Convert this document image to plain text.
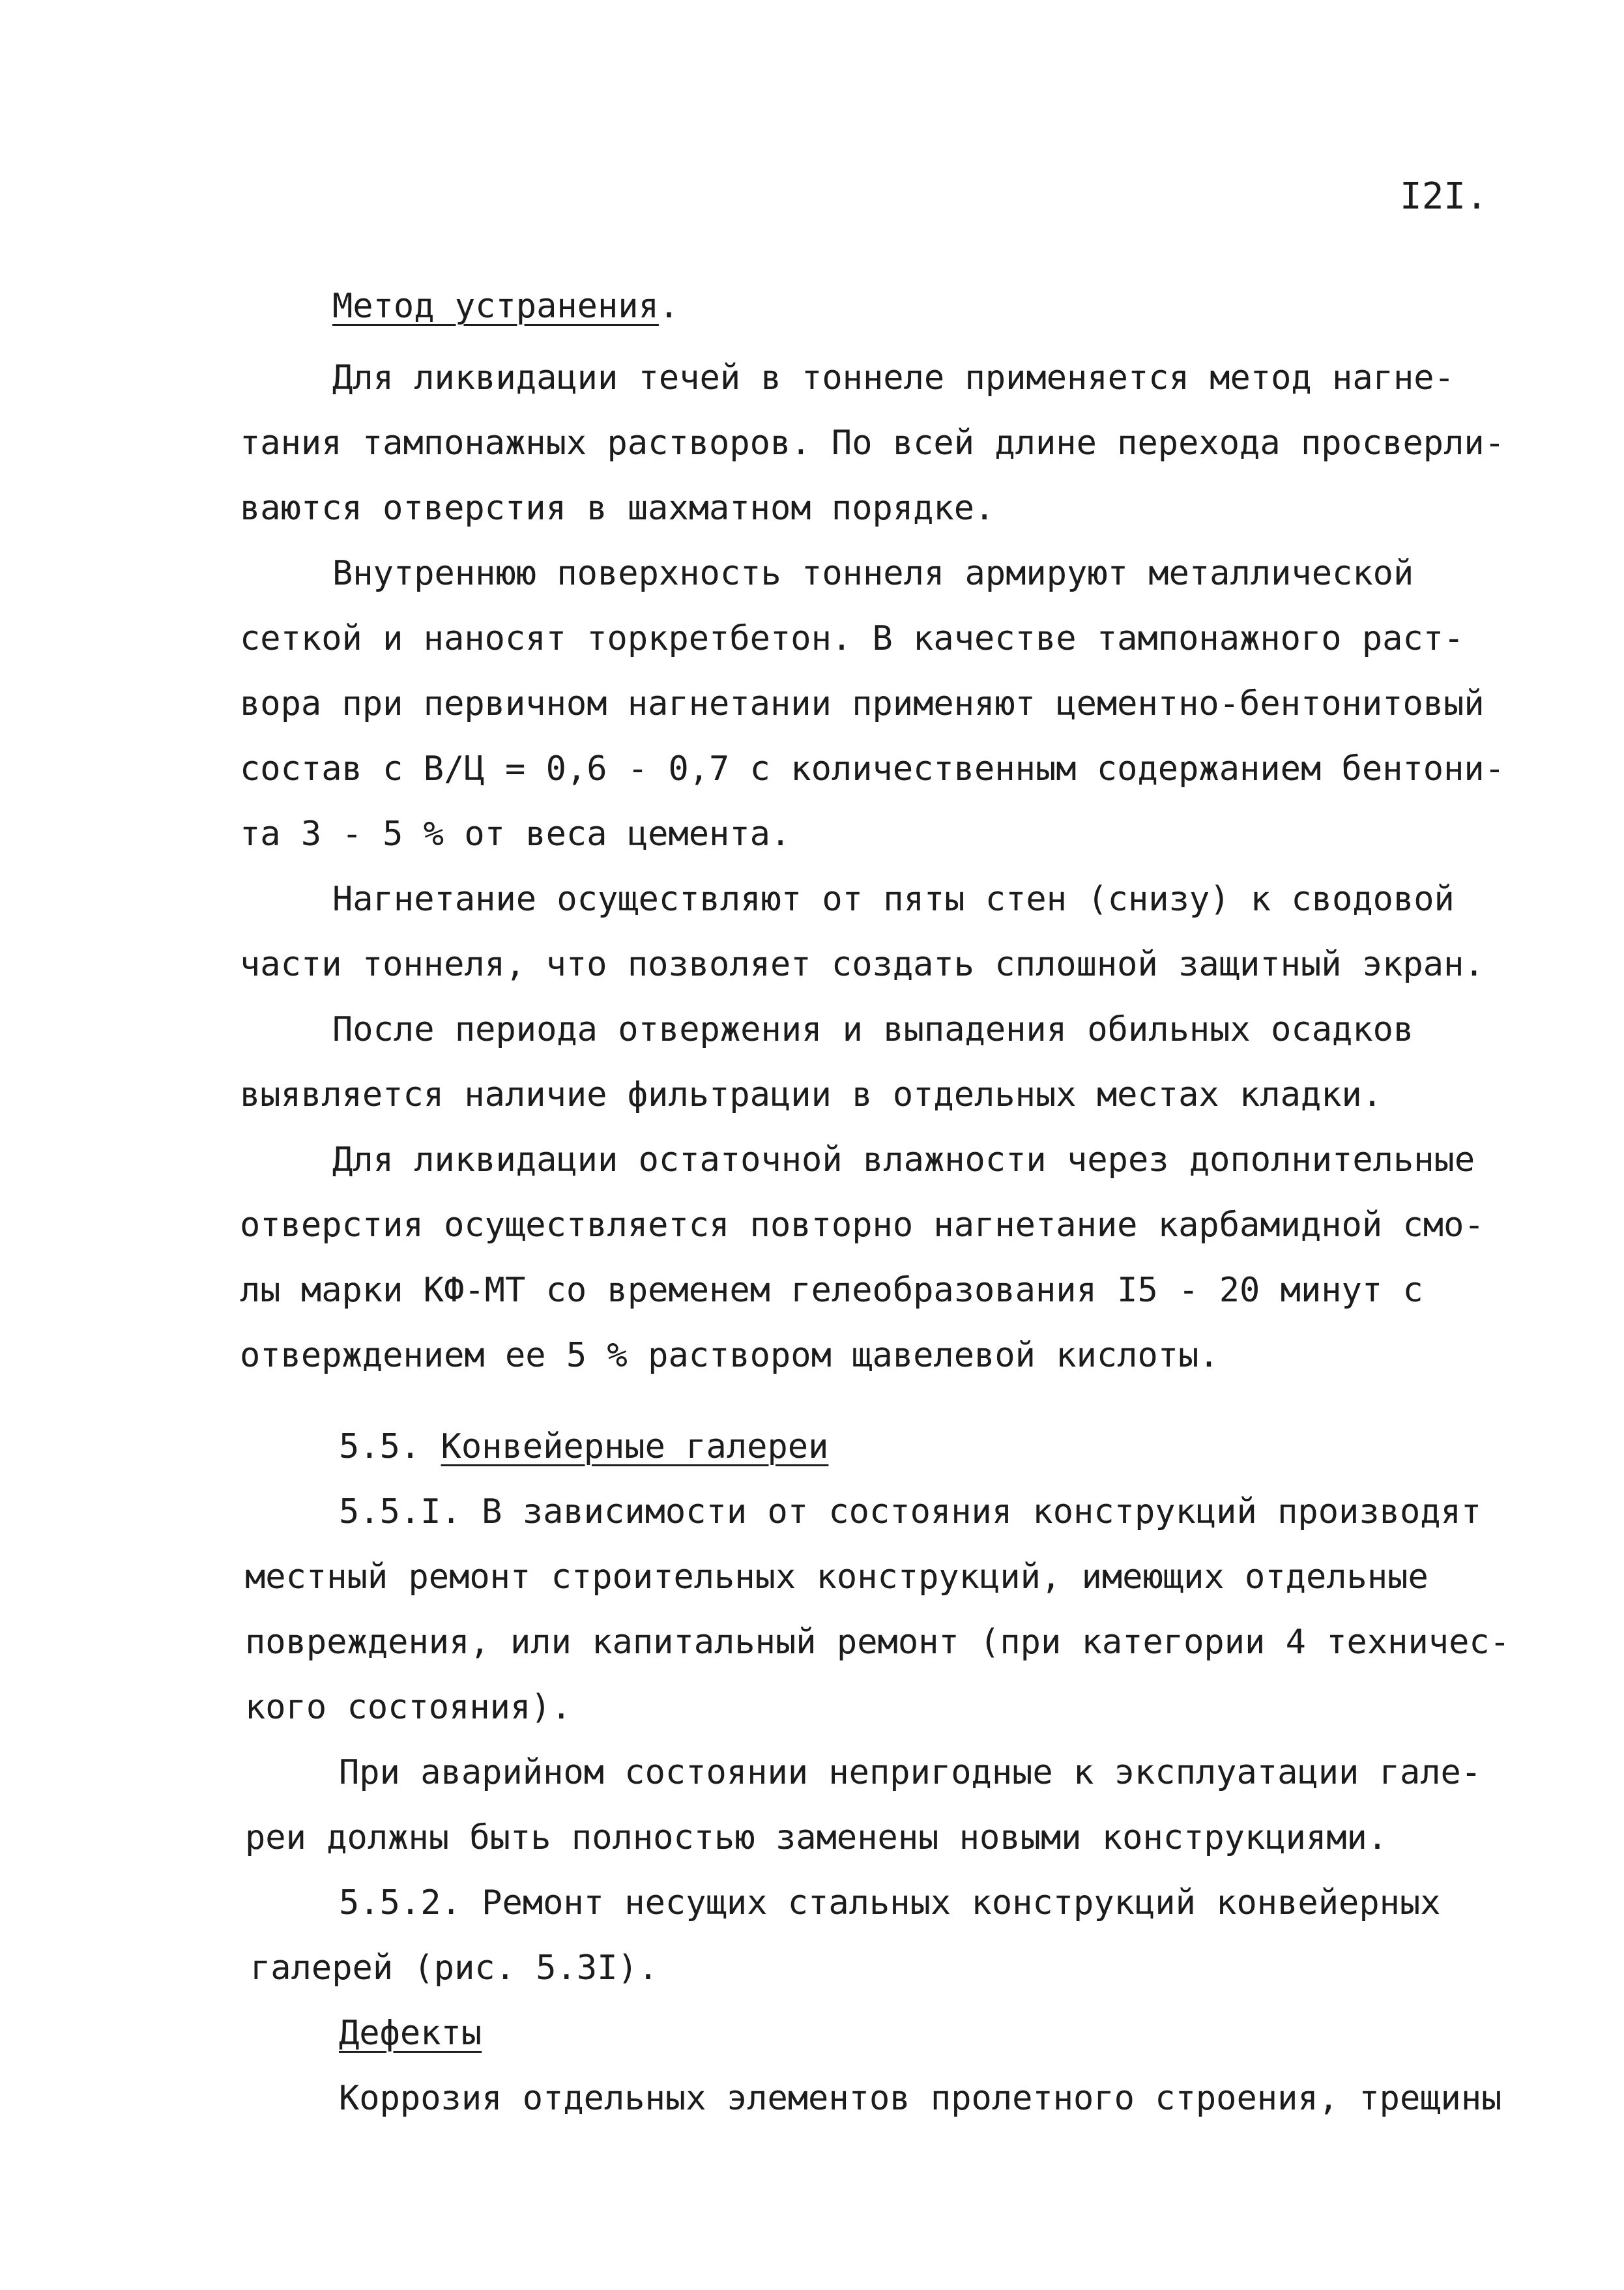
I2I.
Метод устранения.
Для ликвидации течей в тоннеле применяется метод нагне-
тания тампонажных растворов. По всей длине перехода просверли-
ваются отверстия в шахматном порядке.
Внутреннюю поверхность тоннеля армируют металлической
сеткой и наносят торкретбетон. В качестве тампонажного раст-
вора при первичном нагнетании применяют цементно-бентонитовый
состав с В/Ц = 0,6 - 0,7 с количественным содержанием бентони-
та 3 - 5 % от веса цемента.
Нагнетание осуществляют от пяты стен (снизу) к сводовой
части тоннеля, что позволяет создать сплошной защитный экран.
После периода отвержения и выпадения обильных осадков
выявляется наличие фильтрации в отдельных местах кладки.
Для ликвидации остаточной влажности через дополнительные
отверстия осуществляется повторно нагнетание карбамидной смо-
лы марки КФ-МТ со временем гелеобразования I5 - 20 минут с
отверждением ее 5 % раствором щавелевой кислоты.
5.5. Конвейерные галереи
5.5.I. В зависимости от состояния конструкций производят
местный ремонт строительных конструкций, имеющих отдельные
повреждения, или капитальный ремонт (при категории 4 техничес-
кого состояния).
При аварийном состоянии непригодные к эксплуатации гале-
реи должны быть полностью заменены новыми конструкциями.
5.5.2. Ремонт несущих стальных конструкций конвейерных
галерей (рис. 5.3I).
Дефекты
Коррозия отдельных элементов пролетного строения, трещины
